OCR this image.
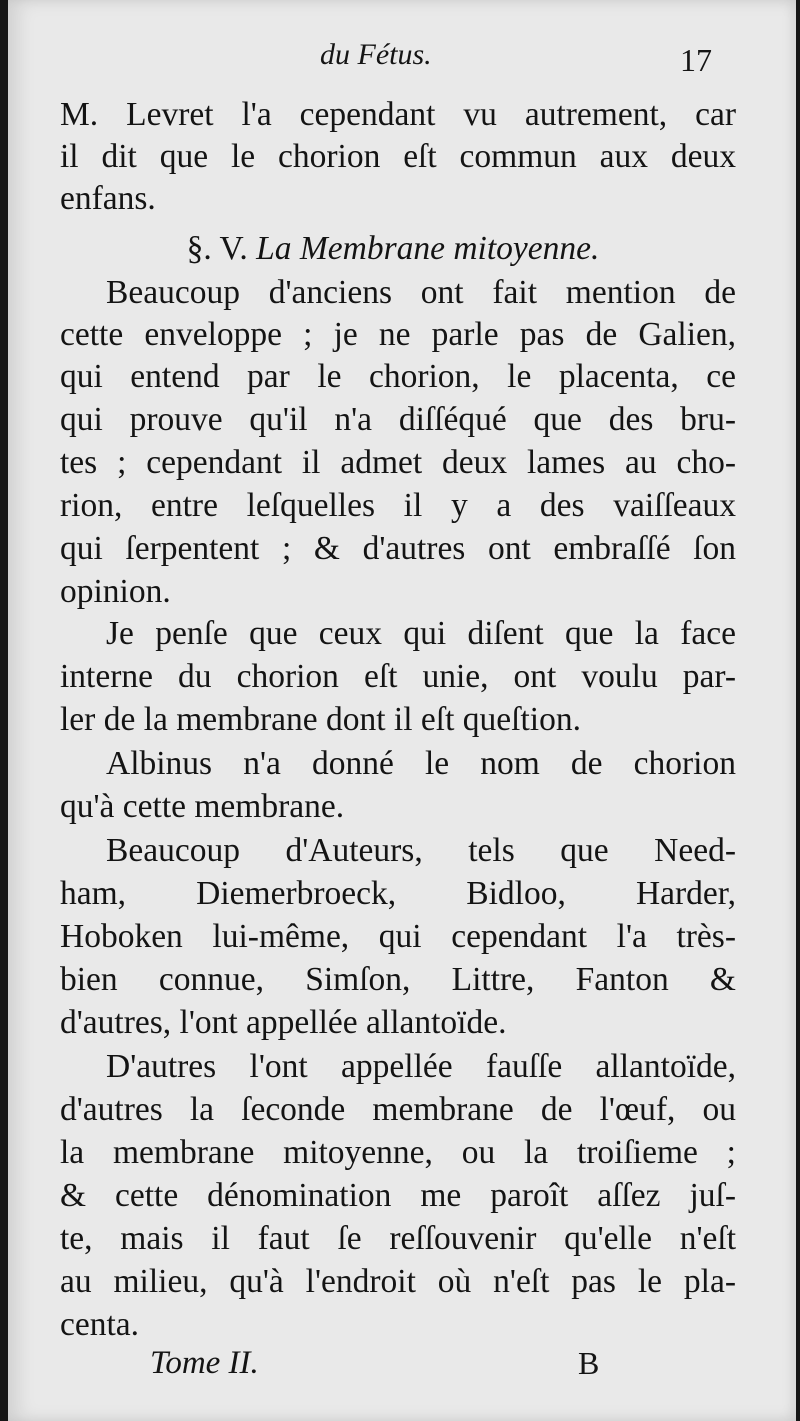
du Fétus.	17
M. Levret l'a cependant vu autrement, car
il dit que le chorion eſt commun aux deux
enfans.
§. V. La Membrane mitoyenne.
Beaucoup d'anciens ont fait mention de
cette enveloppe ; je ne parle pas de Galien,
qui entend par le chorion, le placenta, ce
qui prouve qu'il n'a diſſéqué que des bru-
tes ; cependant il admet deux lames au cho-
rion, entre leſquelles il y a des vaiſſeaux
qui ſerpentent ; & d'autres ont embraſſé ſon
opinion.
Je penſe que ceux qui diſent que la face
interne du chorion eſt unie, ont voulu par-
ler de la membrane dont il eſt queſtion.
Albinus n'a donné le nom de chorion
qu'à cette membrane.
Beaucoup d'Auteurs, tels que Need-
ham, Diemerbroeck, Bidloo, Harder,
Hoboken lui-même, qui cependant l'a très-
bien connue, Simſon, Littre, Fanton &
d'autres, l'ont appellée allantoïde.
D'autres l'ont appellée fauſſe allantoïde,
d'autres la ſeconde membrane de l'œuf, ou
la membrane mitoyenne, ou la troiſieme ;
& cette dénomination me paroît aſſez juſ-
te, mais il faut ſe reſſouvenir qu'elle n'eſt
au milieu, qu'à l'endroit où n'eſt pas le pla-
centa.
Tome II.	B
